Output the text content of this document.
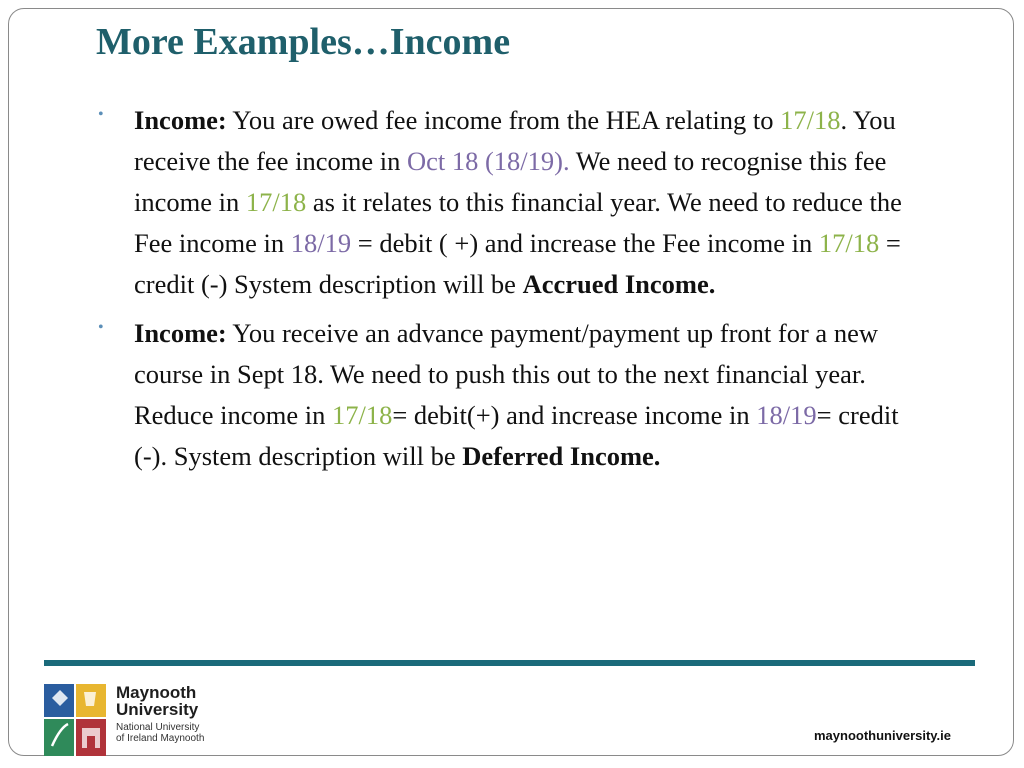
More Examples…Income
• Income: You are owed fee income from the HEA relating to 17/18. You receive the fee income in Oct 18 (18/19). We need to recognise this fee income in 17/18 as it relates to this financial year. We need to reduce the Fee income in 18/19 = debit ( +) and increase the Fee income in 17/18 = credit (-) System description will be Accrued Income.
• Income: You receive an advance payment/payment up front for a new course in Sept 18. We need to push this out to the next financial year. Reduce income in 17/18= debit(+) and increase income in 18/19= credit (-). System description will be Deferred Income.
Maynooth
University
National University
of Ireland Maynooth	maynoothuniversity.ie
